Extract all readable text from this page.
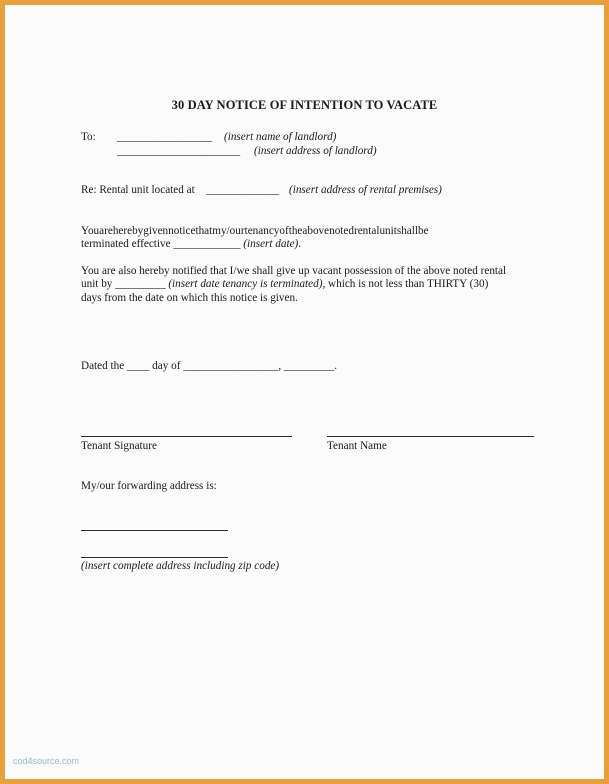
30 DAY NOTICE OF INTENTION TO VACATE
To: _________________ (insert name of landlord)
______________________ (insert address of landlord)
Re: Rental unit located at _____________ (insert address of rental premises)
Youareherebygivennoticethatmy/ourtenancyoftheabovenotedrentalunitshallbe
terminated effective ____________ (insert date).
You are also hereby notified that I/we shall give up vacant possession of the above noted rental
unit by _________ (insert date tenancy is terminated), which is not less than THIRTY (30)
days from the date on which this notice is given.
Dated the ____ day of _________________, _________.
Tenant Signature	Tenant Name
My/our forwarding address is:
(insert complete address including zip code)
cod4source.com
